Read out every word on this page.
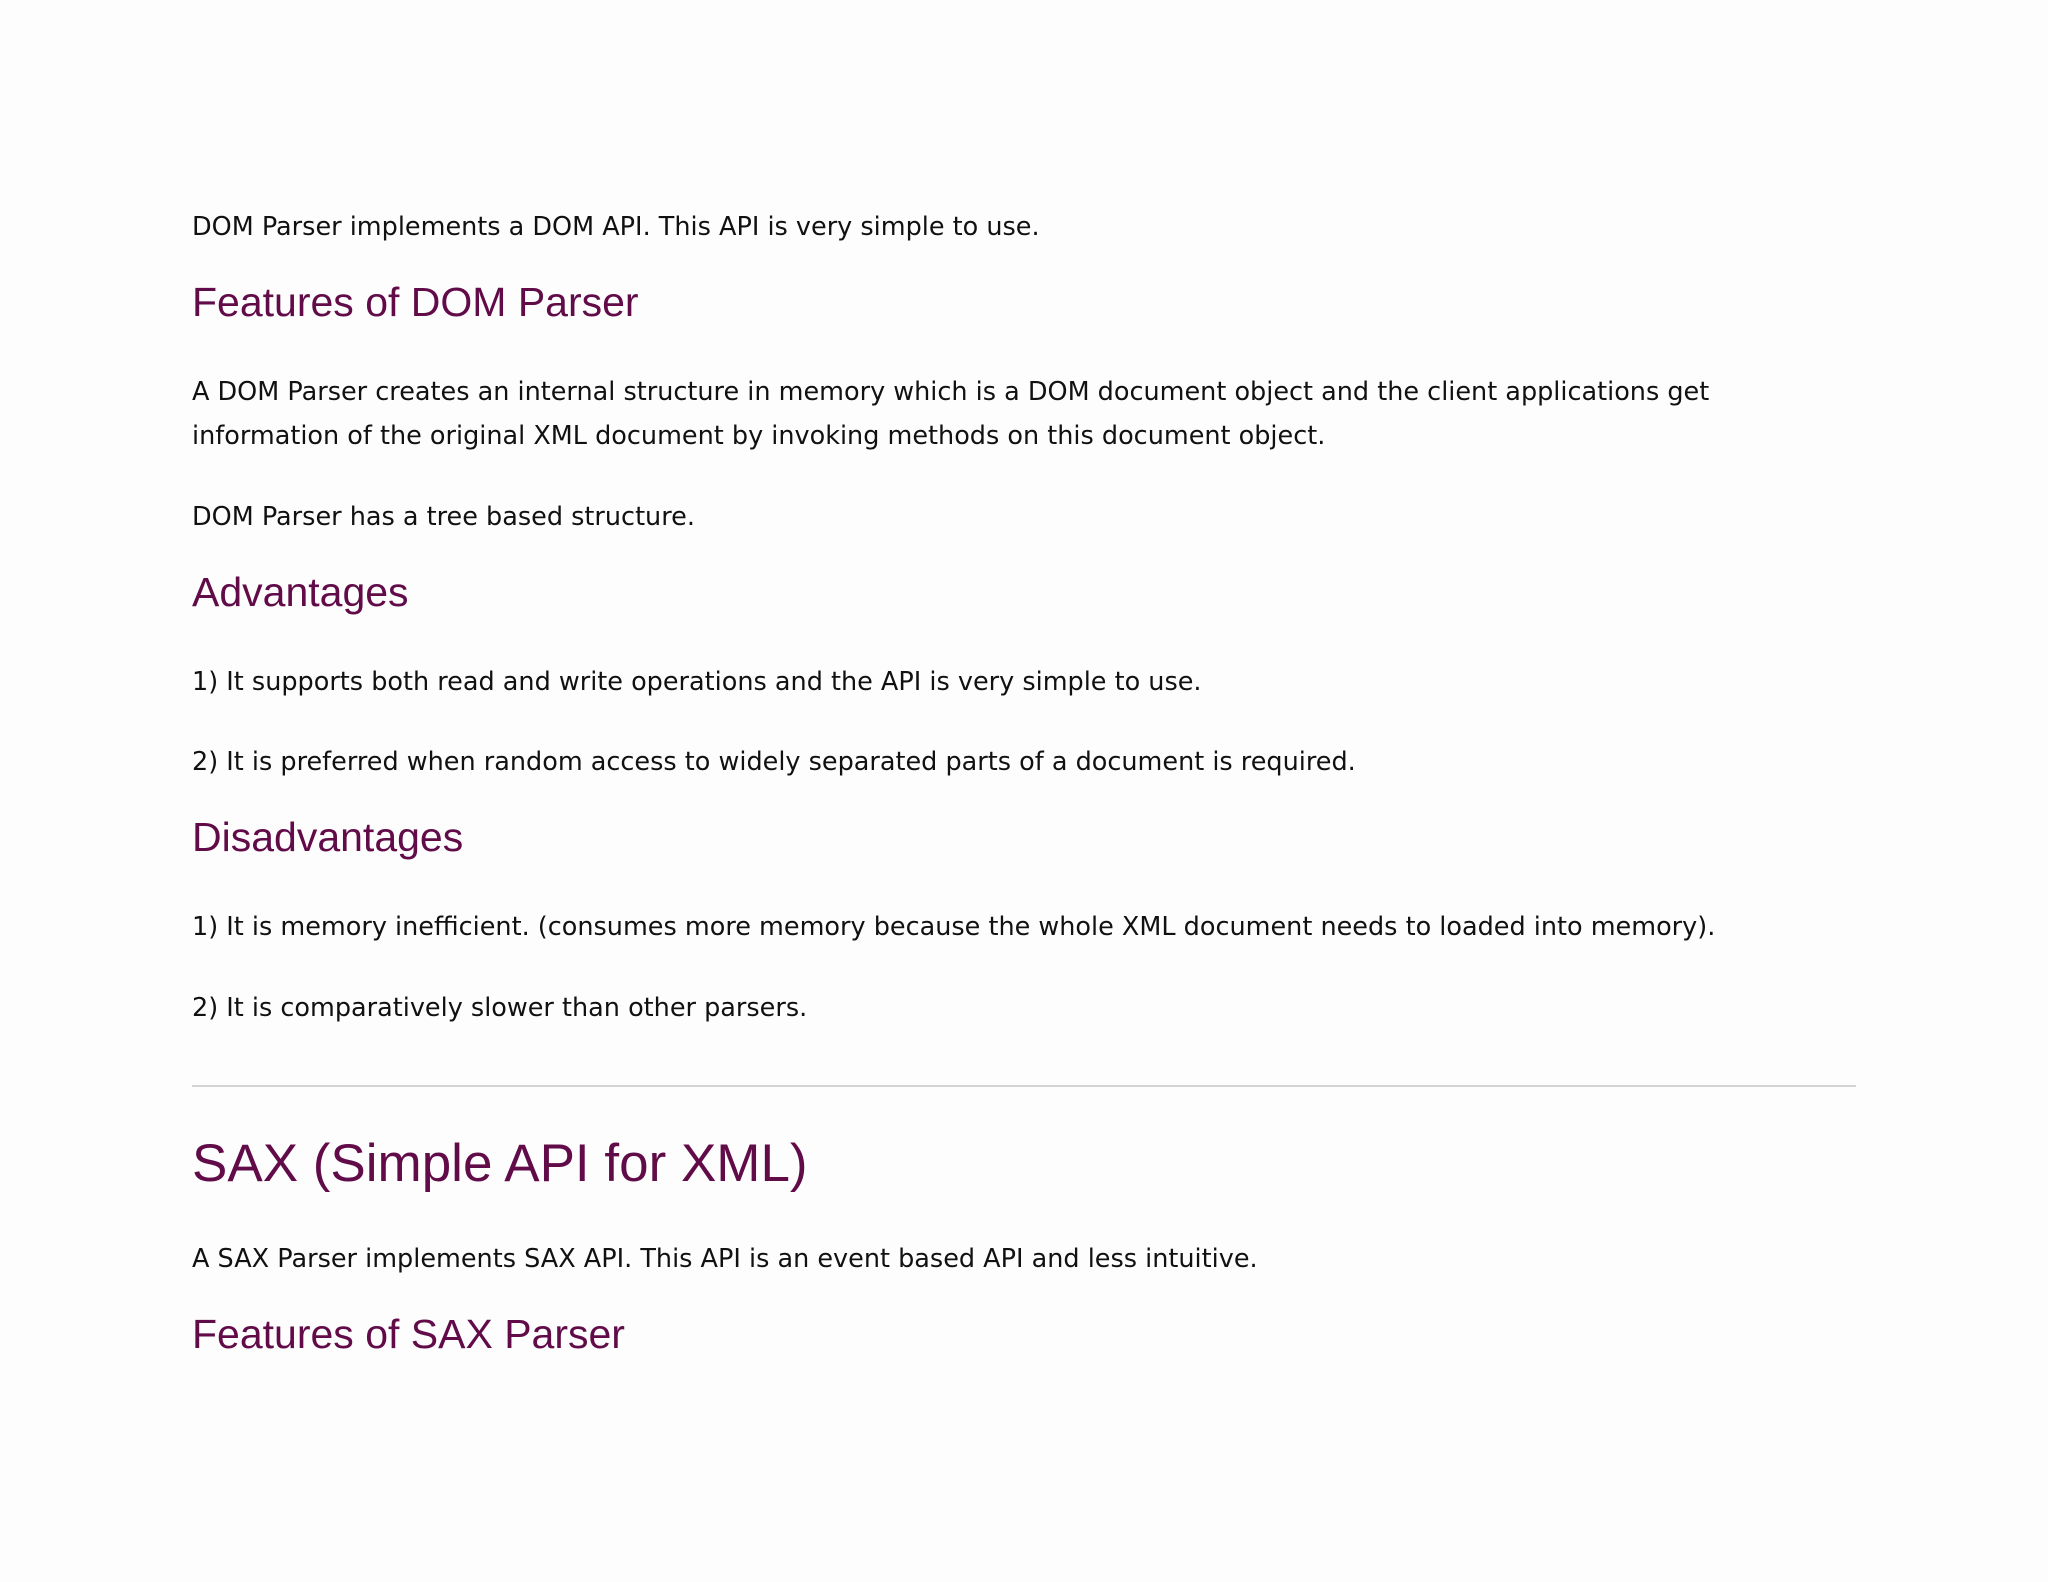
DOM Parser implements a DOM API. This API is very simple to use.

Features of DOM Parser

A DOM Parser creates an internal structure in memory which is a DOM document object and the client applications get

information of the original XML document by invoking methods on this document object.

DOM Parser has a tree based structure.

Advantages

1) It supports both read and write operations and the API is very simple to use.

2) It is preferred when random access to widely separated parts of a document is required.

Disadvantages

1) It is memory inefficient. (consumes more memory because the whole XML document needs to loaded into memory).

2) It is comparatively slower than other parsers.

SAX (Simple API for XML)

A SAX Parser implements SAX API. This API is an event based API and less intuitive.

Features of SAX Parser
